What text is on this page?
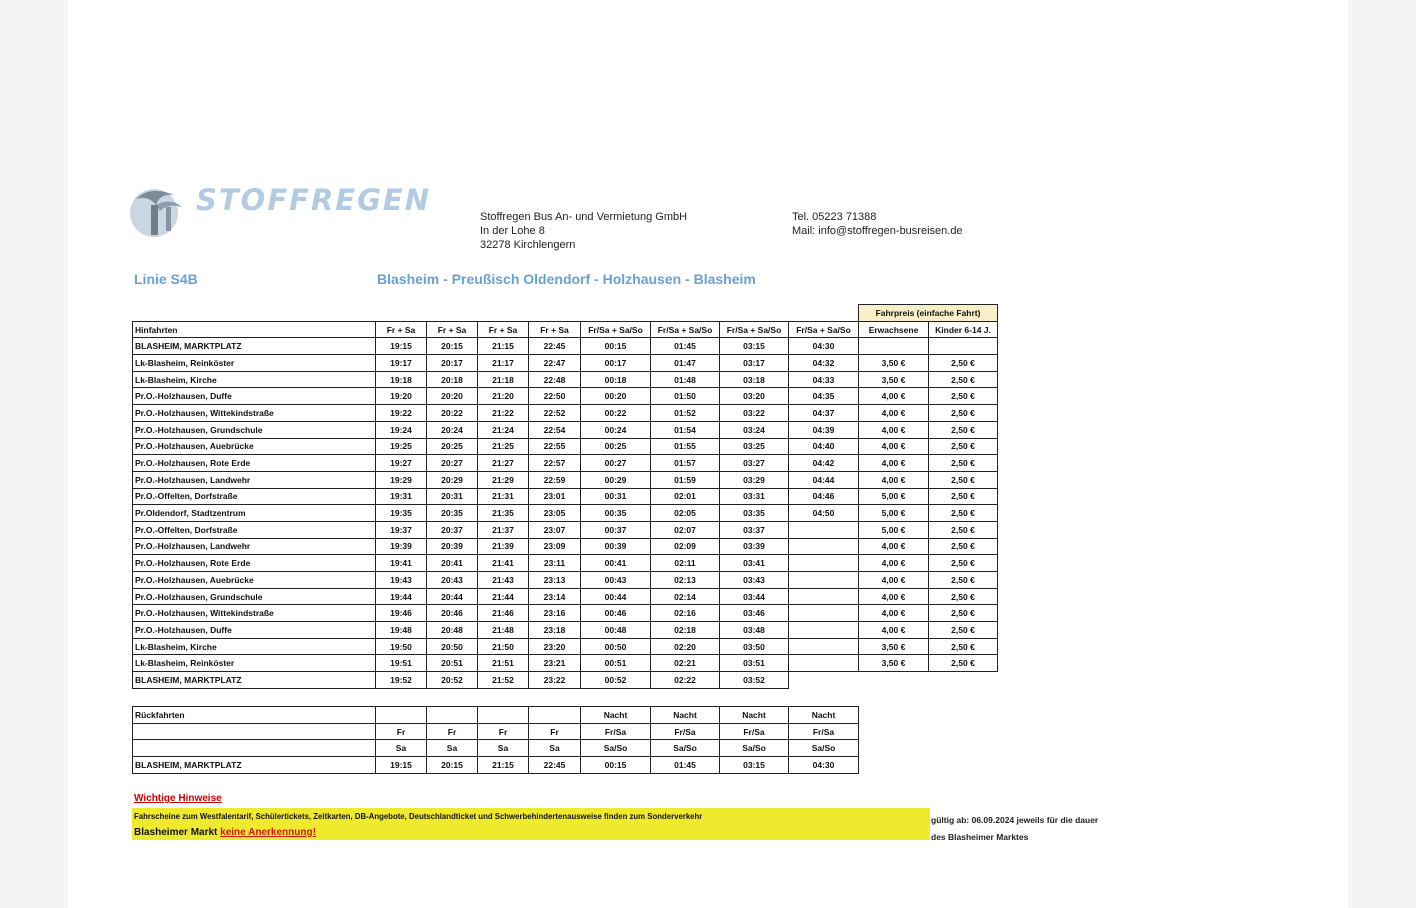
STOFFREGEN	Stoffregen Bus An- und Vermietung GmbH
In der Lohe 8
32278 Kirchlengern
Tel. 05223 71388
Mail: info@stoffregen-busreisen.de
Linie S4B	Blasheim - Preußisch Oldendorf - Holzhausen - Blasheim
									Fahrpreis (einfache Fahrt)	
Hinfahrten	Fr + Sa	Fr + Sa	Fr + Sa	Fr + Sa	Fr/Sa + Sa/So	Fr/Sa + Sa/So	Fr/Sa + Sa/So	Fr/Sa + Sa/So	Erwachsene	Kinder 6-14 J.
BLASHEIM, MARKTPLATZ	19:15	20:15	21:15	22:45	00:15	01:45	03:15	04:30		
Lk-Blasheim, Reinköster	19:17	20:17	21:17	22:47	00:17	01:47	03:17	04:32	3,50 €	2,50 €
Lk-Blasheim, Kirche	19:18	20:18	21:18	22:48	00:18	01:48	03:18	04:33	3,50 €	2,50 €
Pr.O.-Holzhausen, Duffe	19:20	20:20	21:20	22:50	00:20	01:50	03:20	04:35	4,00 €	2,50 €
Pr.O.-Holzhausen, Wittekindstraße	19:22	20:22	21:22	22:52	00:22	01:52	03:22	04:37	4,00 €	2,50 €
Pr.O.-Holzhausen, Grundschule	19:24	20:24	21:24	22:54	00:24	01:54	03:24	04:39	4,00 €	2,50 €
Pr.O.-Holzhausen, Auebrücke	19:25	20:25	21:25	22:55	00:25	01:55	03:25	04:40	4,00 €	2,50 €
Pr.O.-Holzhausen, Rote Erde	19:27	20:27	21:27	22:57	00:27	01:57	03:27	04:42	4,00 €	2,50 €
Pr.O.-Holzhausen, Landwehr	19:29	20:29	21:29	22:59	00:29	01:59	03:29	04:44	4,00 €	2,50 €
Pr.O.-Offelten, Dorfstraße	19:31	20:31	21:31	23:01	00:31	02:01	03:31	04:46	5,00 €	2,50 €
Pr.Oldendorf, Stadtzentrum	19:35	20:35	21:35	23:05	00:35	02:05	03:35	04:50	5,00 €	2,50 €
Pr.O.-Offelten, Dorfstraße	19:37	20:37	21:37	23:07	00:37	02:07	03:37		5,00 €	2,50 €
Pr.O.-Holzhausen, Landwehr	19:39	20:39	21:39	23:09	00:39	02:09	03:39		4,00 €	2,50 €
Pr.O.-Holzhausen, Rote Erde	19:41	20:41	21:41	23:11	00:41	02:11	03:41		4,00 €	2,50 €
Pr.O.-Holzhausen, Auebrücke	19:43	20:43	21:43	23:13	00:43	02:13	03:43		4,00 €	2,50 €
Pr.O.-Holzhausen, Grundschule	19:44	20:44	21:44	23:14	00:44	02:14	03:44		4,00 €	2,50 €
Pr.O.-Holzhausen, Wittekindstraße	19:46	20:46	21:46	23:16	00:46	02:16	03:46		4,00 €	2,50 €
Pr.O.-Holzhausen, Duffe	19:48	20:48	21:48	23:18	00:48	02:18	03:48		4,00 €	2,50 €
Lk-Blasheim, Kirche	19:50	20:50	21:50	23:20	00:50	02:20	03:50		3,50 €	2,50 €
Lk-Blasheim, Reinköster	19:51	20:51	21:51	23:21	00:51	02:21	03:51		3,50 €	2,50 €
BLASHEIM, MARKTPLATZ	19:52	20:52	21:52	23:22	00:52	02:22	03:52			
Rückfahrten					Nacht	Nacht	Nacht	Nacht
	Fr	Fr	Fr	Fr	Fr/Sa	Fr/Sa	Fr/Sa	Fr/Sa
	Sa	Sa	Sa	Sa	Sa/So	Sa/So	Sa/So	Sa/So
BLASHEIM, MARKTPLATZ	19:15	20:15	21:15	22:45	00:15	01:45	03:15	04:30
Wichtige Hinweise
Fahrscheine zum Westfalentarif, Schülertickets, Zeitkarten, DB-Angebote, Deutschlandticket und Schwerbehindertenausweise finden zum Sonderverkehr
Blasheimer Markt keine Anerkennung!
gültig ab: 06.09.2024 jeweils für die dauer des Blasheimer Marktes
